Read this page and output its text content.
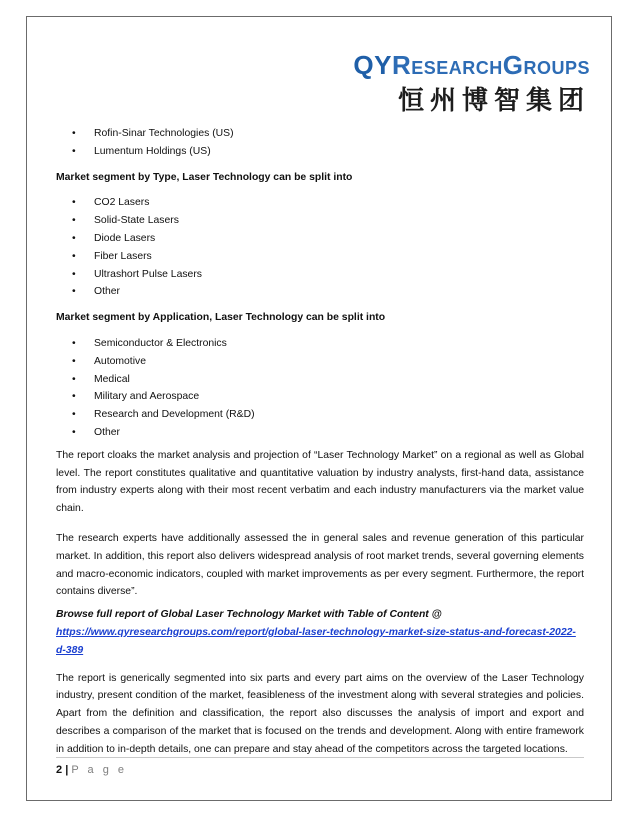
QYResearchGroups
恒州博智集团
• Rofin-Sinar Technologies (US)
• Lumentum Holdings (US)
Market segment by Type, Laser Technology can be split into
• CO2 Lasers
• Solid-State Lasers
• Diode Lasers
• Fiber Lasers
• Ultrashort Pulse Lasers
• Other
Market segment by Application, Laser Technology can be split into
• Semiconductor & Electronics
• Automotive
• Medical
• Military and Aerospace
• Research and Development (R&D)
• Other

The report cloaks the market analysis and projection of “Laser Technology Market” on a regional as well as Global level. The report constitutes qualitative and quantitative valuation by industry analysts, first-hand data, assistance from industry experts along with their most recent verbatim and each industry manufacturers via the market value chain.

The research experts have additionally assessed the in general sales and revenue generation of this particular market. In addition, this report also delivers widespread analysis of root market trends, several governing elements and macro-economic indicators, coupled with market improvements as per every segment. Furthermore, the report contains diverse”.

Browse full report of Global Laser Technology Market with Table of Content @
https://www.qyresearchgroups.com/report/global-laser-technology-market-size-status-and-forecast-2022-d-389

The report is generically segmented into six parts and every part aims on the overview of the Laser Technology industry, present condition of the market, feasibleness of the investment along with several strategies and policies. Apart from the definition and classification, the report also discusses the analysis of import and export and describes a comparison of the market that is focused on the trends and development. Along with entire framework in addition to in-depth details, one can prepare and stay ahead of the competitors across the targeted locations.

2 | P a g e
